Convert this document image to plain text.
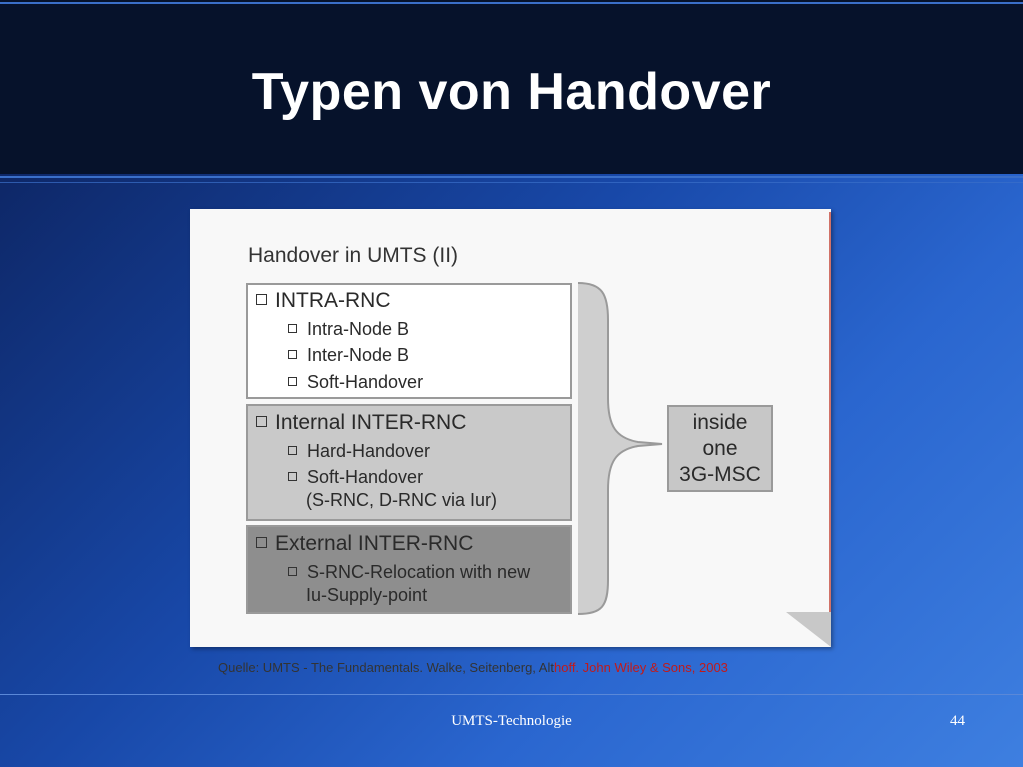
Typen von Handover
Handover in UMTS (II)
INTRA-RNC
Intra-Node B
Inter-Node B
Soft-Handover
Internal INTER-RNC
Hard-Handover
Soft-Handover
(S-RNC, D-RNC via Iur)
External INTER-RNC
S-RNC-Relocation with new
Iu-Supply-point
inside
one
3G-MSC
Quelle: UMTS - The Fundamentals. Walke, Seitenberg, Althoff. John Wiley & Sons, 2003
UMTS-Technologie	44
